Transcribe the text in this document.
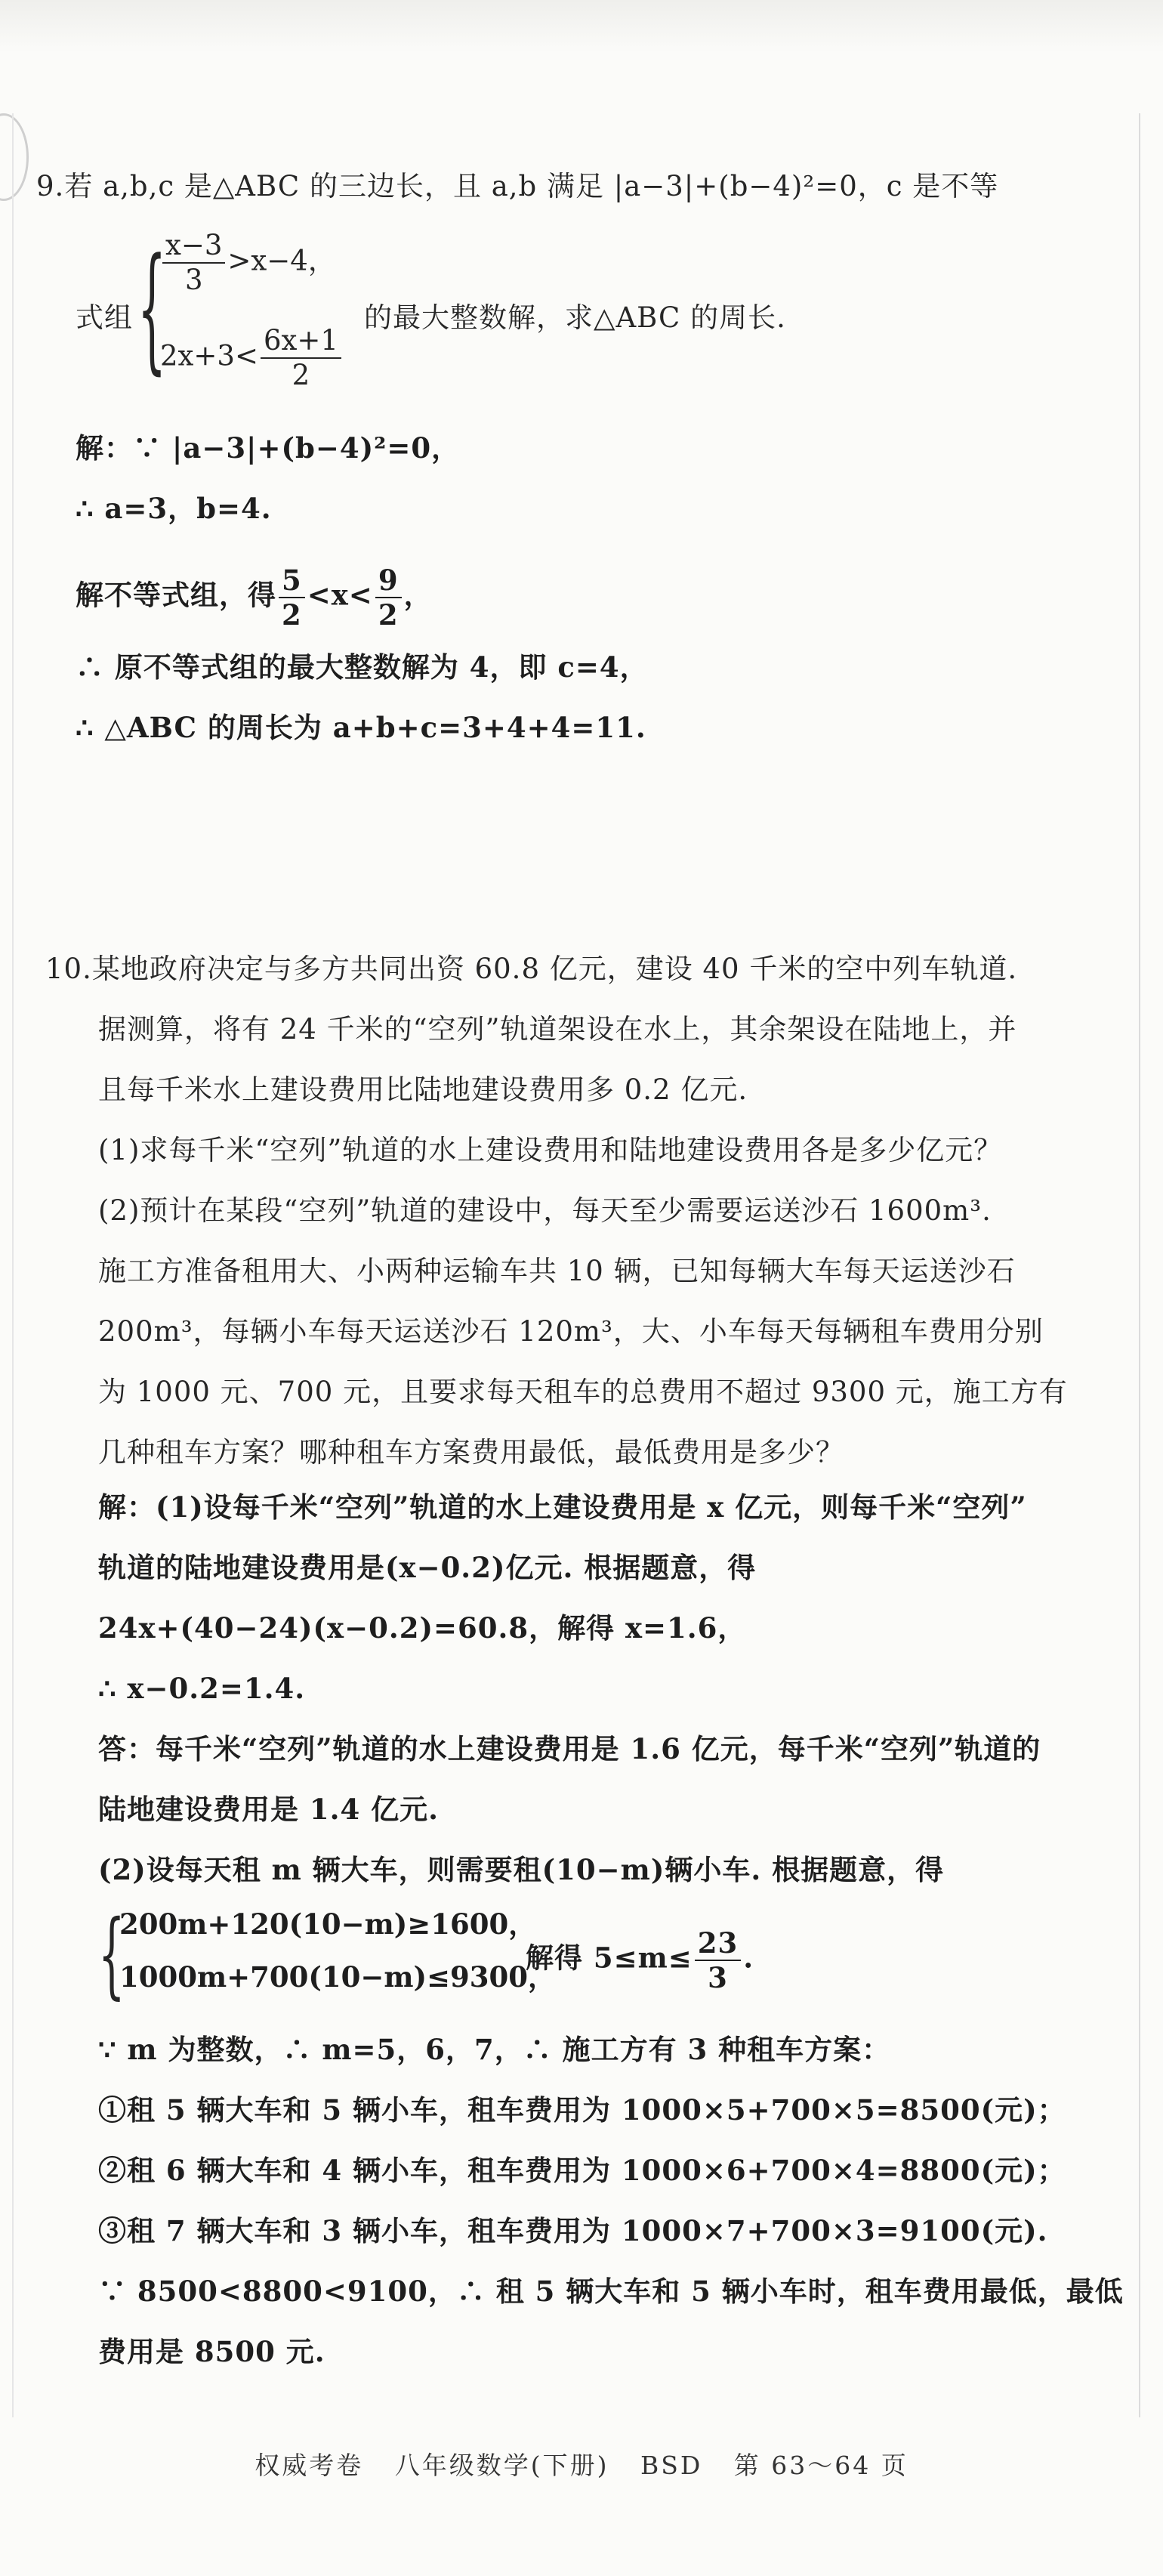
9.若 a,b,c 是△ABC 的三边长，且 a,b 满足 |a−3|+(b−4)²=0，c 是不等
式组 {
$\frac{x-3}{3} >x-4$，
$2x+3< \frac{6x+1}{2}$
的最大整数解，求△ABC 的周长.
解：∵ |a−3|+(b−4)²=0，
∴ a=3，b=4.
解不等式组，得 $\frac{5}{2} <x< \frac{9}{2}$ ，
∴ 原不等式组的最大整数解为 4，即 c=4，
∴ △ABC 的周长为 a+b+c=3+4+4=11.
10.某地政府决定与多方共同出资 60.8 亿元，建设 40 千米的空中列车轨道.
据测算，将有 24 千米的“空列”轨道架设在水上，其余架设在陆地上，并
且每千米水上建设费用比陆地建设费用多 0.2 亿元.
(1)求每千米“空列”轨道的水上建设费用和陆地建设费用各是多少亿元？
(2)预计在某段“空列”轨道的建设中，每天至少需要运送沙石 1600m³.
施工方准备租用大、小两种运输车共 10 辆，已知每辆大车每天运送沙石
200m³，每辆小车每天运送沙石 120m³，大、小车每天每辆租车费用分别
为 1000 元、700 元，且要求每天租车的总费用不超过 9300 元，施工方有
几种租车方案？哪种租车方案费用最低，最低费用是多少？
解：(1)设每千米“空列”轨道的水上建设费用是 x 亿元，则每千米“空列”
轨道的陆地建设费用是(x−0.2)亿元. 根据题意，得
24x+(40−24)(x−0.2)=60.8，解得 x=1.6，
∴ x−0.2=1.4.
答：每千米“空列”轨道的水上建设费用是 1.6 亿元，每千米“空列”轨道的
陆地建设费用是 1.4 亿元.
(2)设每天租 m 辆大车，则需要租(10−m)辆小车. 根据题意，得
{
200m+120(10−m)≥1600，
1000m+700(10−m)≤9300，
解得 $5\le m\le \frac{23}{3}$ .
∵ m 为整数，∴ m=5，6，7，∴ 施工方有 3 种租车方案：
①租 5 辆大车和 5 辆小车，租车费用为 1000×5+700×5=8500(元)；
②租 6 辆大车和 4 辆小车，租车费用为 1000×6+700×4=8800(元)；
③租 7 辆大车和 3 辆小车，租车费用为 1000×7+700×3=9100(元).
∵ 8500<8800<9100，∴ 租 5 辆大车和 5 辆小车时，租车费用最低，最低
费用是 8500 元.
权威考卷 八年级数学(下册) BSD 第 63～64 页
